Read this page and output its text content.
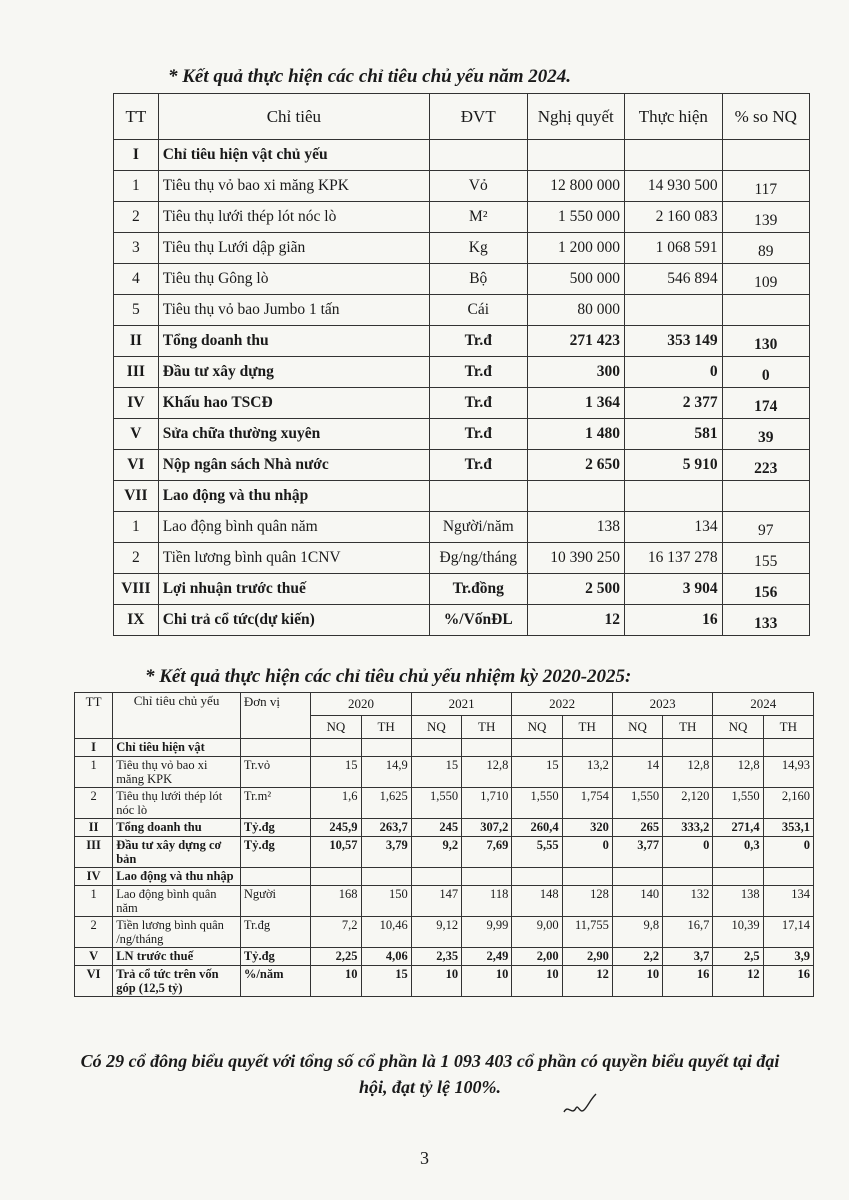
* Kết quả thực hiện các chỉ tiêu chủ yếu năm 2024.
TT	Chỉ tiêu	ĐVT	Nghị quyết	Thực hiện	% so NQ
I	Chỉ tiêu hiện vật chủ yếu				
1	Tiêu thụ vỏ bao xi măng KPK	Vỏ	12 800 000	14 930 500	117
2	Tiêu thụ lưới thép lót nóc lò	M²	1 550 000	2 160 083	139
3	Tiêu thụ Lưới dập giãn	Kg	1 200 000	1 068 591	89
4	Tiêu thụ Gông lò	Bộ	500 000	546 894	109
5	Tiêu thụ vỏ bao Jumbo 1 tấn	Cái	80 000		
II	Tổng doanh thu	Tr.đ	271 423	353 149	130
III	Đầu tư xây dựng	Tr.đ	300	0	0
IV	Khấu hao TSCĐ	Tr.đ	1 364	2 377	174
V	Sửa chữa thường xuyên	Tr.đ	1 480	581	39
VI	Nộp ngân sách Nhà nước	Tr.đ	2 650	5 910	223
VII	Lao động và thu nhập				
1	Lao động bình quân năm	Người/năm	138	134	97
2	Tiền lương bình quân 1CNV	Đg/ng/tháng	10 390 250	16 137 278	155
VIII	Lợi nhuận trước thuế	Tr.đồng	2 500	3 904	156
IX	Chi trả cổ tức(dự kiến)	%/VốnĐL	12	16	133
* Kết quả thực hiện các chỉ tiêu chủ yếu nhiệm kỳ 2020-2025:
TT	Chỉ tiêu chủ yếu	Đơn vị	2020		2021		2022		2023		2024	
			NQ	TH	NQ	TH	NQ	TH	NQ	TH	NQ	TH
I	Chỉ tiêu hiện vật											
1	Tiêu thụ vỏ bao xi măng KPK	Tr.vỏ	15	14,9	15	12,8	15	13,2	14	12,8	12,8	14,93
2	Tiêu thụ lưới thép lót nóc lò	Tr.m²	1,6	1,625	1,550	1,710	1,550	1,754	1,550	2,120	1,550	2,160
II	Tổng doanh thu	Tỷ.đg	245,9	263,7	245	307,2	260,4	320	265	333,2	271,4	353,1
III	Đầu tư xây dựng cơ bản	Tỷ.đg	10,57	3,79	9,2	7,69	5,55	0	3,77	0	0,3	0
IV	Lao động và thu nhập											
1	Lao động bình quân năm	Người	168	150	147	118	148	128	140	132	138	134
2	Tiền lương bình quân /ng/tháng	Tr.đg	7,2	10,46	9,12	9,99	9,00	11,755	9,8	16,7	10,39	17,14
V	LN trước thuế	Tỷ.đg	2,25	4,06	2,35	2,49	2,00	2,90	2,2	3,7	2,5	3,9
VI	Trả cổ tức trên vốn góp (12,5 tỷ)	%/năm	10	15	10	10	10	12	10	16	12	16
Có 29 cổ đông biểu quyết với tổng số cổ phần là 1 093 403 cổ phần có quyền biểu quyết tại đại hội, đạt tỷ lệ 100%.
3
